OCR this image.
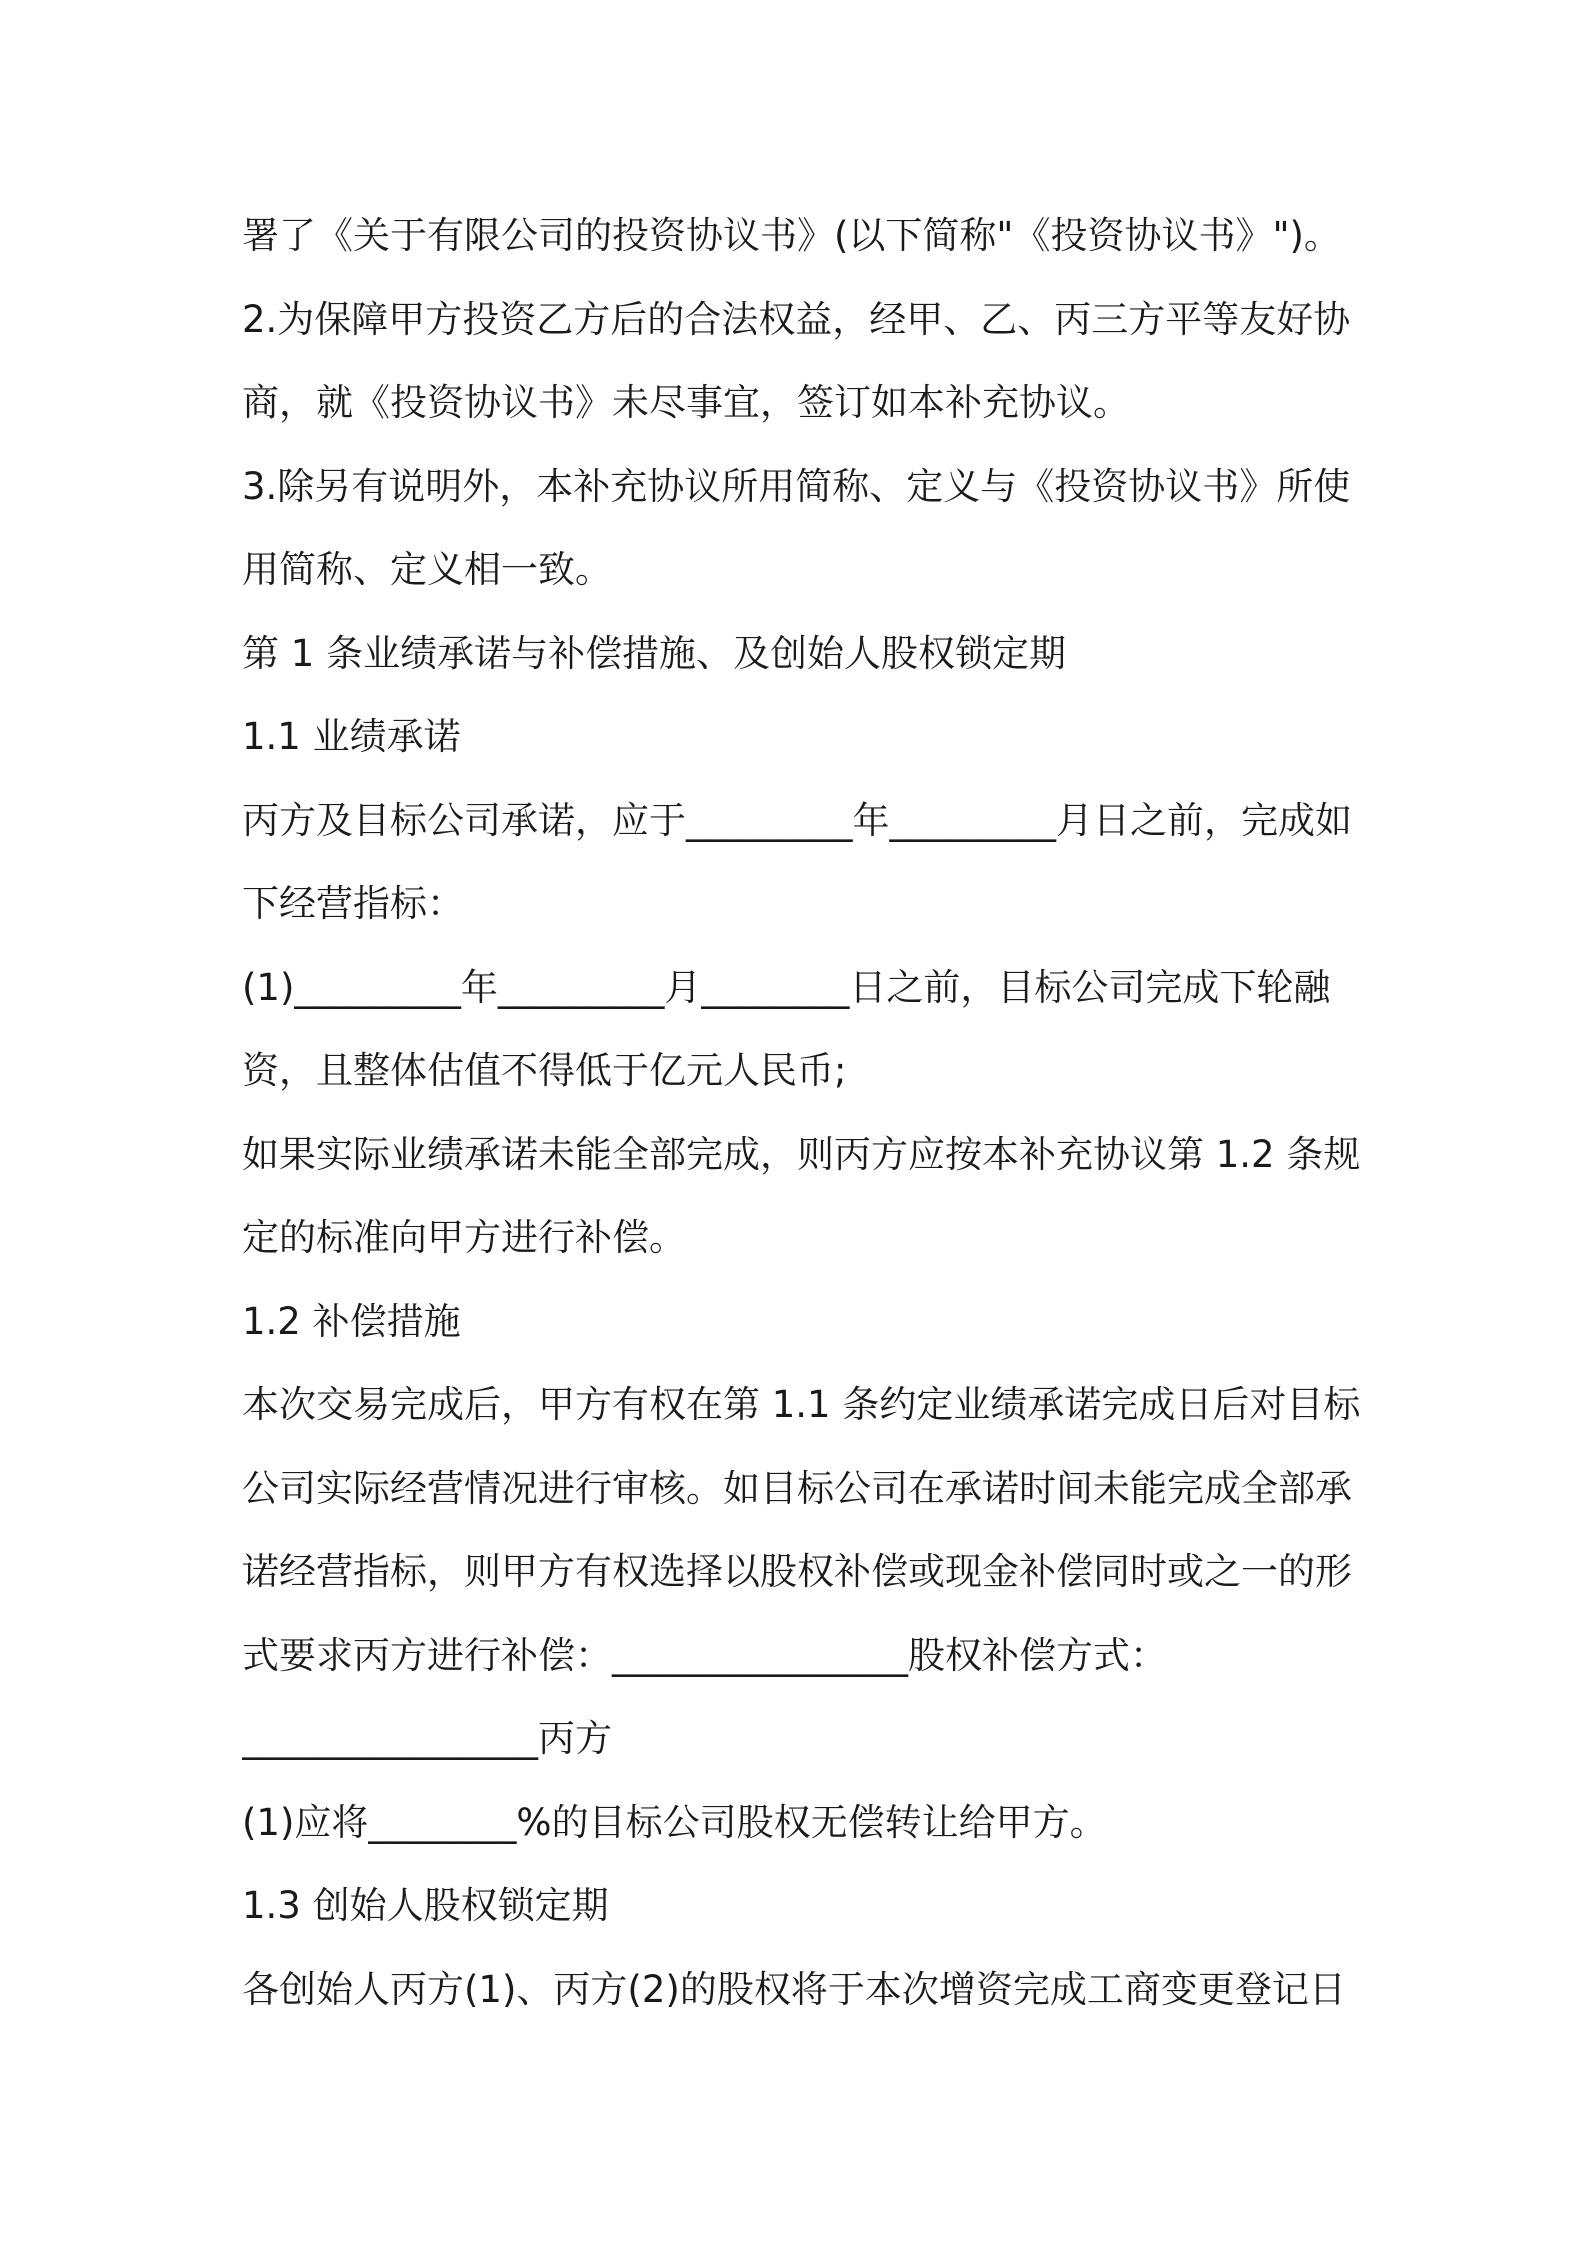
署了《关于有限公司的投资协议书》(以下简称"《投资协议书》")。
2.为保障甲方投资乙方后的合法权益，经甲、乙、丙三方平等友好协
商，就《投资协议书》未尽事宜，签订如本补充协议。
3.除另有说明外，本补充协议所用简称、定义与《投资协议书》所使
用简称、定义相一致。
第 1 条业绩承诺与补偿措施、及创始人股权锁定期
1.1 业绩承诺
丙方及目标公司承诺，应于_________年_________月日之前，完成如
下经营指标：
(1)_________年_________月________日之前，目标公司完成下轮融
资，且整体估值不得低于亿元人民币;
如果实际业绩承诺未能全部完成，则丙方应按本补充协议第 1.2 条规
定的标准向甲方进行补偿。
1.2 补偿措施
本次交易完成后，甲方有权在第 1.1 条约定业绩承诺完成日后对目标
公司实际经营情况进行审核。如目标公司在承诺时间未能完成全部承
诺经营指标，则甲方有权选择以股权补偿或现金补偿同时或之一的形
式要求丙方进行补偿：________________股权补偿方式：
________________丙方
(1)应将________%的目标公司股权无偿转让给甲方。
1.3 创始人股权锁定期
各创始人丙方(1)、丙方(2)的股权将于本次增资完成工商变更登记日
